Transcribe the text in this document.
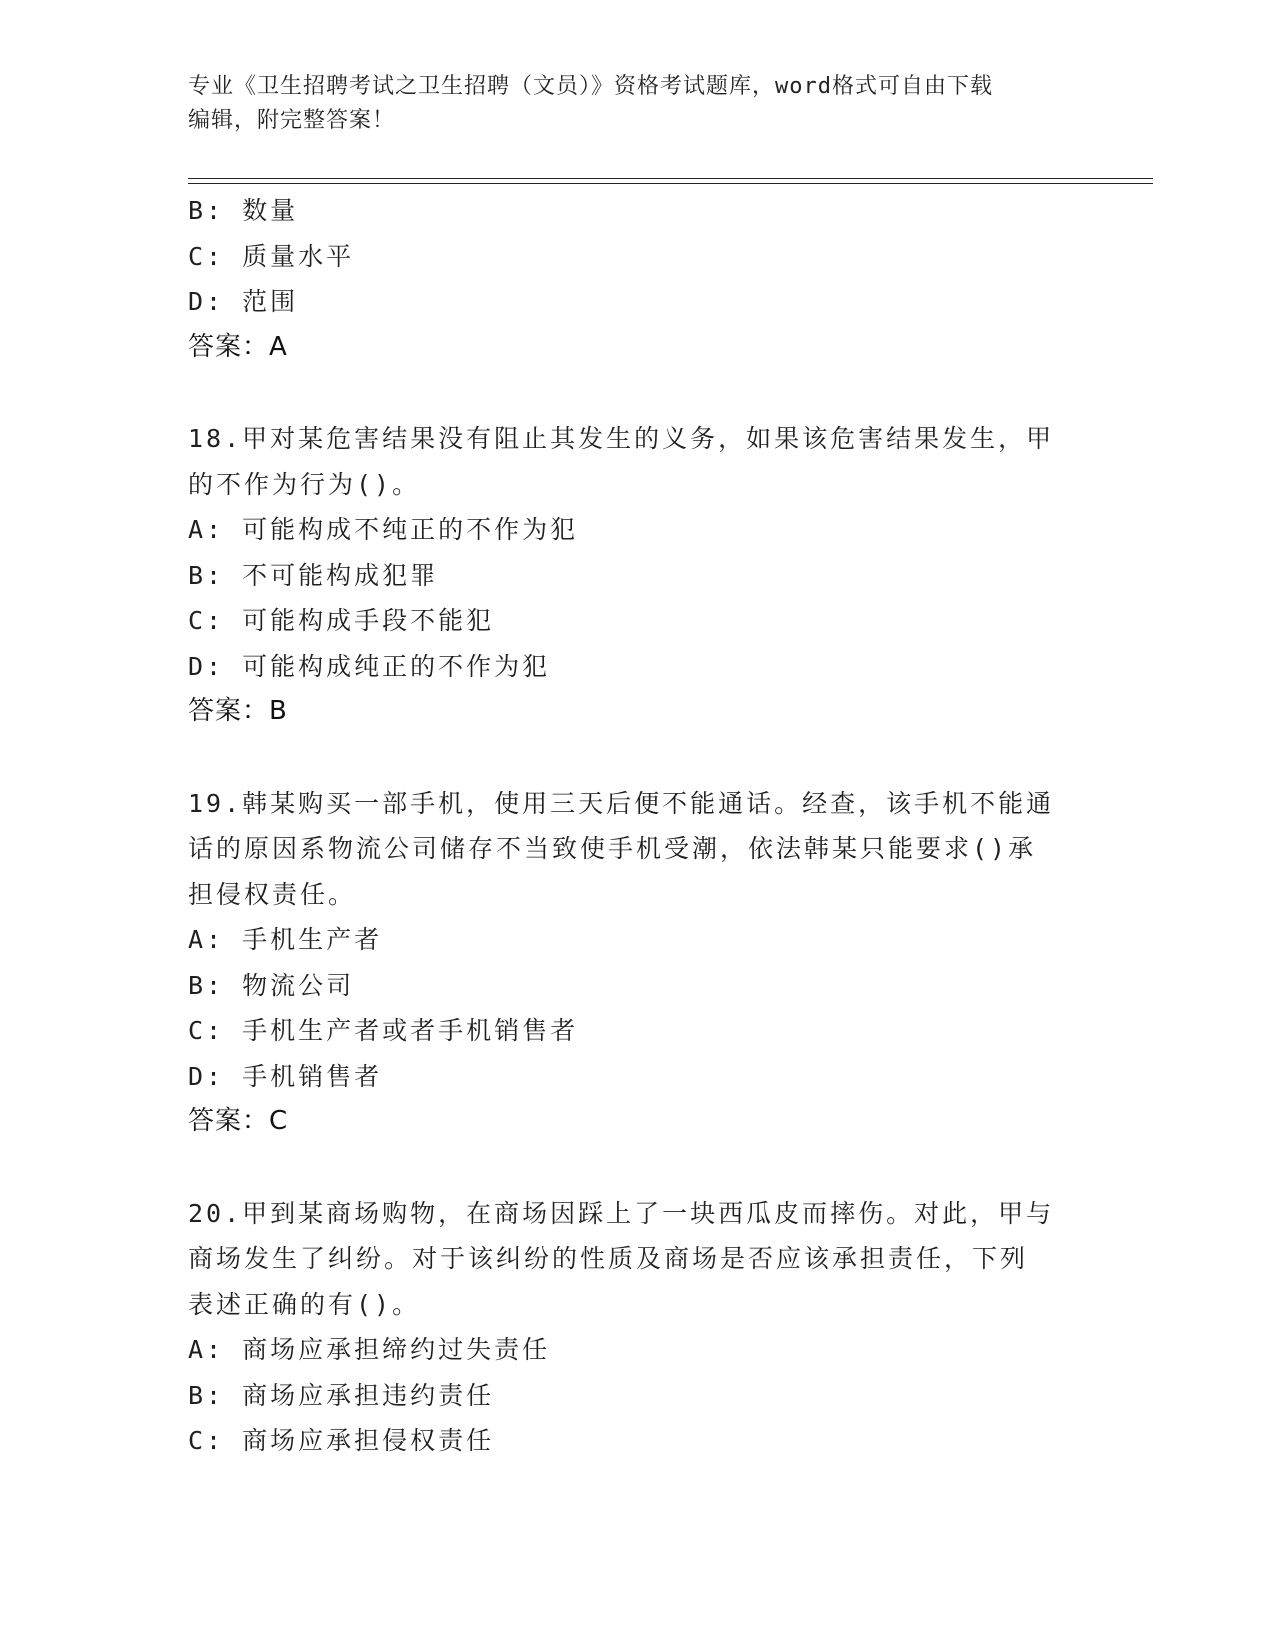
专业《卫生招聘考试之卫生招聘（文员）》资格考试题库，word格式可自由下载
编辑，附完整答案！
B: 数量
C: 质量水平
D: 范围
答案：A
18.甲对某危害结果没有阻止其发生的义务，如果该危害结果发生，甲
的不作为行为()。
A: 可能构成不纯正的不作为犯
B: 不可能构成犯罪
C: 可能构成手段不能犯
D: 可能构成纯正的不作为犯
答案：B
19.韩某购买一部手机，使用三天后便不能通话。经查，该手机不能通
话的原因系物流公司储存不当致使手机受潮，依法韩某只能要求()承
担侵权责任。
A: 手机生产者
B: 物流公司
C: 手机生产者或者手机销售者
D: 手机销售者
答案：C
20.甲到某商场购物，在商场因踩上了一块西瓜皮而摔伤。对此，甲与
商场发生了纠纷。对于该纠纷的性质及商场是否应该承担责任，下列
表述正确的有()。
A: 商场应承担缔约过失责任
B: 商场应承担违约责任
C: 商场应承担侵权责任
